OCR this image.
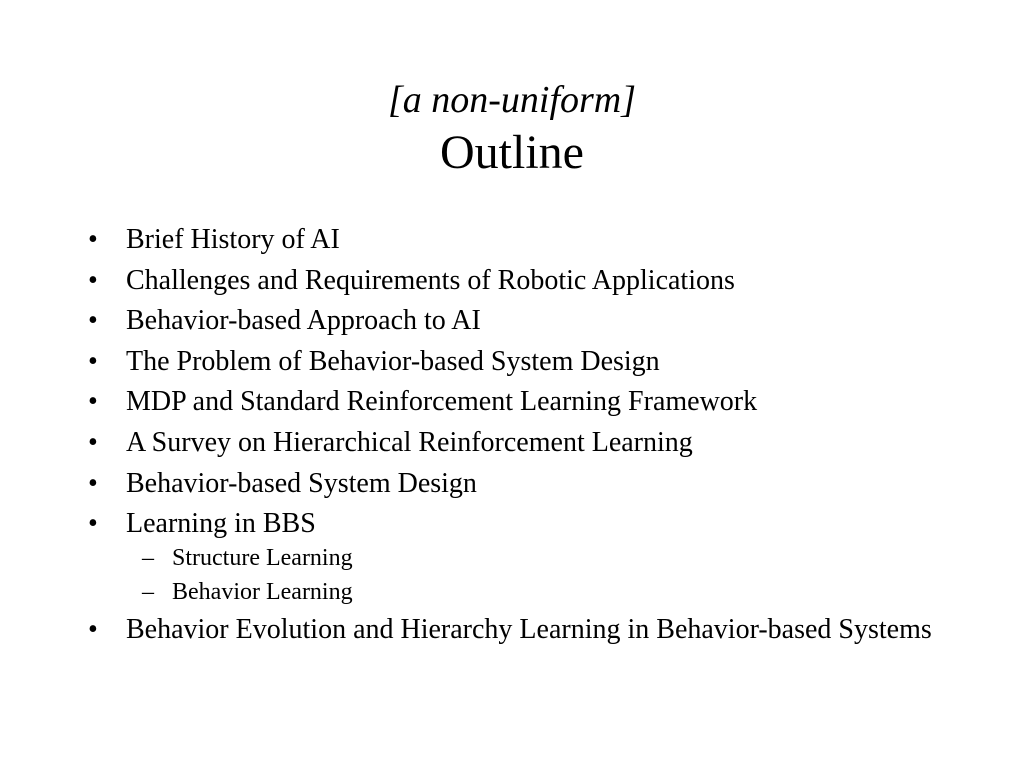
[a non-uniform]
Outline
• Brief History of AI
• Challenges and Requirements of Robotic Applications
• Behavior-based Approach to AI
• The Problem of Behavior-based System Design
• MDP and Standard Reinforcement Learning Framework
• A Survey on Hierarchical Reinforcement Learning
• Behavior-based System Design
• Learning in BBS
– Structure Learning
– Behavior Learning
• Behavior Evolution and Hierarchy Learning in Behavior-based Systems
